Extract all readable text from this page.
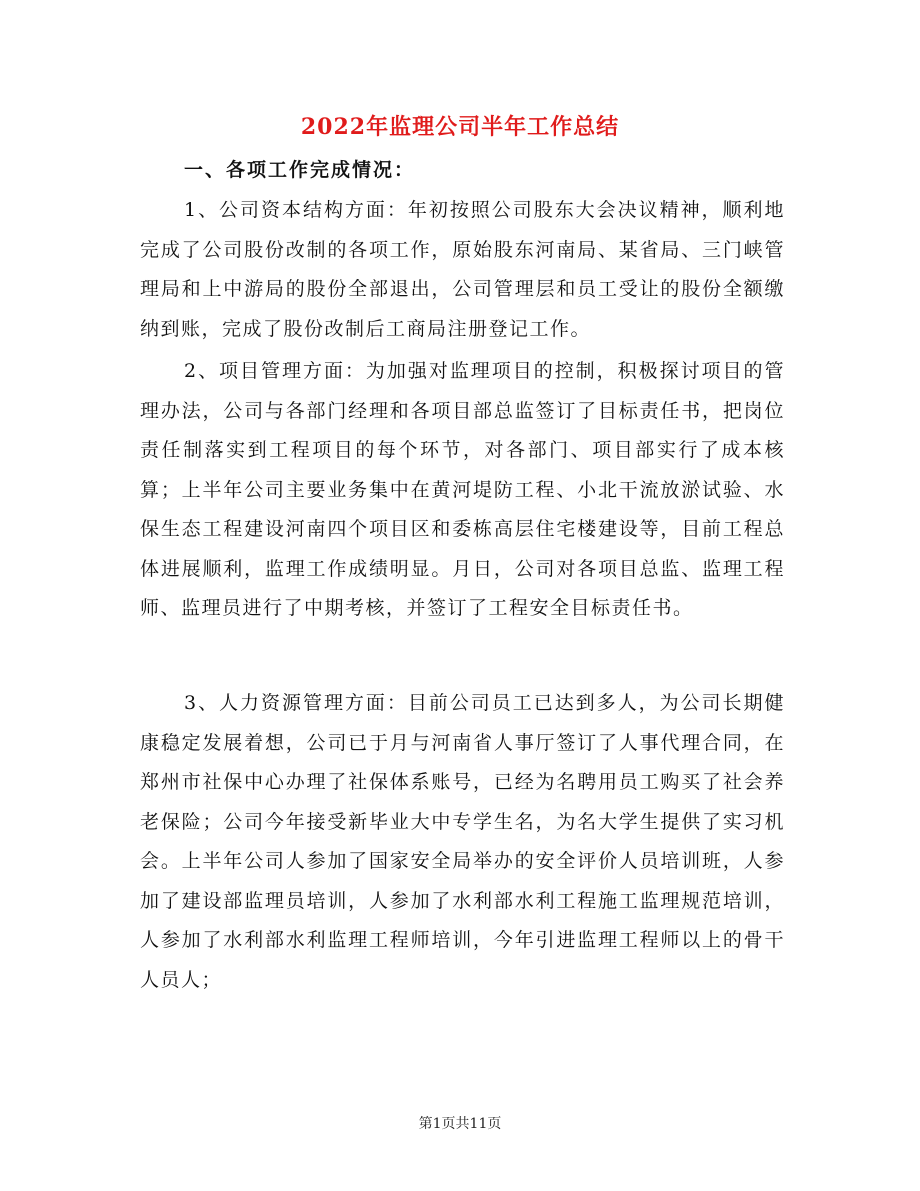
2022年监理公司半年工作总结
一、各项工作完成情况：

1、公司资本结构方面：年初按照公司股东大会决议精神，顺利地完成了公司股份改制的各项工作，原始股东河南局、某省局、三门峡管理局和上中游局的股份全部退出，公司管理层和员工受让的股份全额缴纳到账，完成了股份改制后工商局注册登记工作。

2、项目管理方面：为加强对监理项目的控制，积极探讨项目的管理办法，公司与各部门经理和各项目部总监签订了目标责任书，把岗位责任制落实到工程项目的每个环节，对各部门、项目部实行了成本核算；上半年公司主要业务集中在黄河堤防工程、小北干流放淤试验、水保生态工程建设河南四个项目区和委栋高层住宅楼建设等，目前工程总体进展顺利，监理工作成绩明显。月日，公司对各项目总监、监理工程师、监理员进行了中期考核，并签订了工程安全目标责任书。

3、人力资源管理方面：目前公司员工已达到多人，为公司长期健康稳定发展着想，公司已于月与河南省人事厅签订了人事代理合同，在郑州市社保中心办理了社保体系账号，已经为名聘用员工购买了社会养老保险；公司今年接受新毕业大中专学生名，为名大学生提供了实习机会。上半年公司人参加了国家安全局举办的安全评价人员培训班，人参加了建设部监理员培训，人参加了水利部水利工程施工监理规范培训，人参加了水利部水利监理工程师培训，今年引进监理工程师以上的骨干人员人；

第1页共11页
